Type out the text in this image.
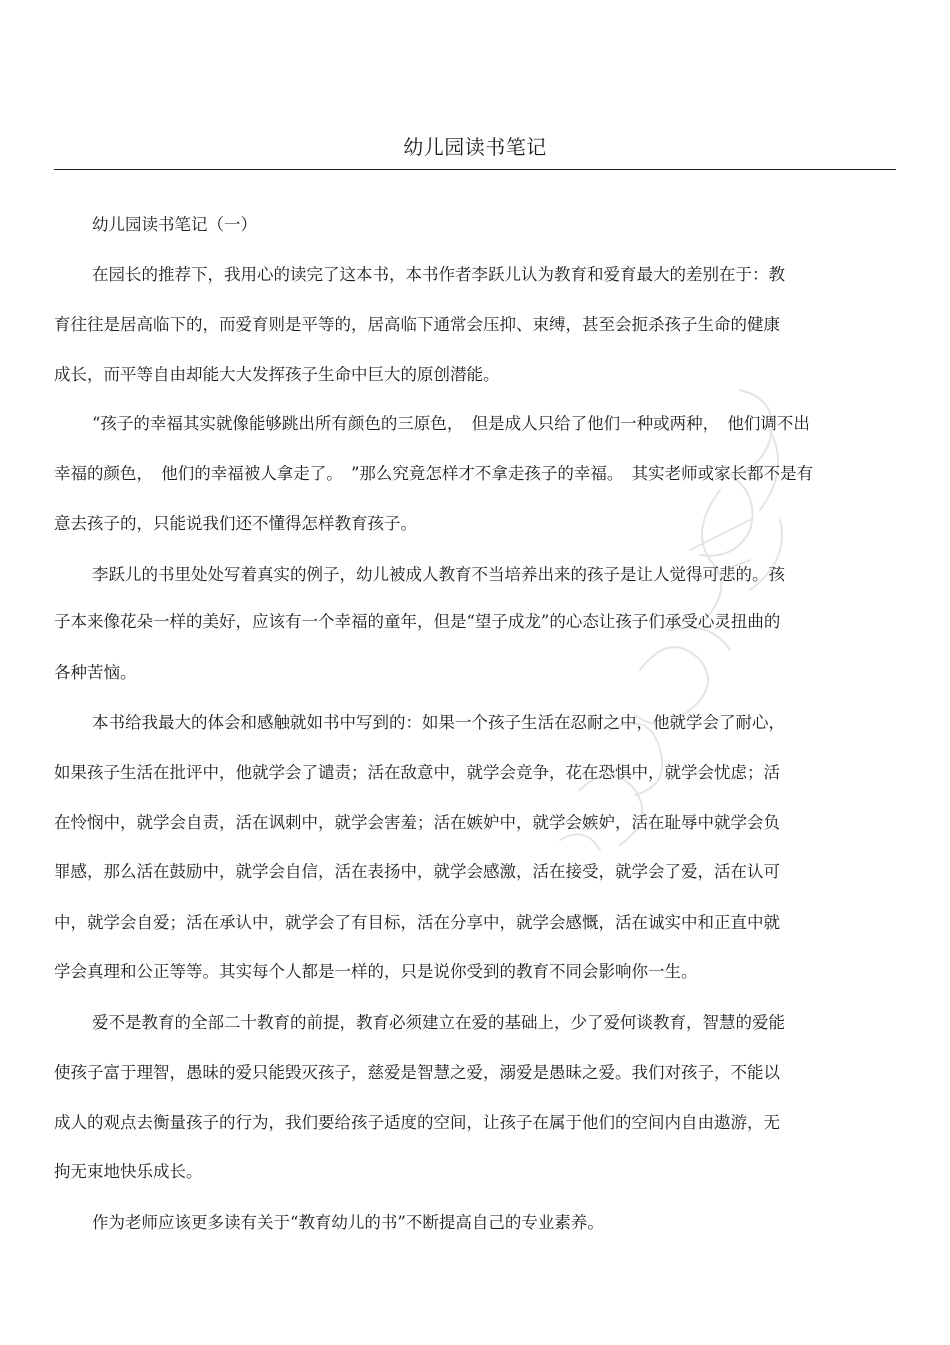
幼儿园读书笔记
幼儿园读书笔记（一）
在园长的推荐下，我用心的读完了这本书，本书作者李跃儿认为教育和爱育最大的差别在于：教
育往往是居高临下的，而爱育则是平等的，居高临下通常会压抑、束缚，甚至会扼杀孩子生命的健康
成长，而平等自由却能大大发挥孩子生命中巨大的原创潜能。
“孩子的幸福其实就像能够跳出所有颜色的三原色，　但是成人只给了他们一种或两种，　他们调不出
幸福的颜色，　他们的幸福被人拿走了。　”那么究竟怎样才不拿走孩子的幸福。　其实老师或家长都不是有
意去孩子的，只能说我们还不懂得怎样教育孩子。
李跃儿的书里处处写着真实的例子，幼儿被成人教育不当培养出来的孩子是让人觉得可悲的。孩
子本来像花朵一样的美好，应该有一个幸福的童年，但是“望子成龙”的心态让孩子们承受心灵扭曲的
各种苦恼。
本书给我最大的体会和感触就如书中写到的：如果一个孩子生活在忍耐之中，他就学会了耐心，
如果孩子生活在批评中，他就学会了谴责；活在敌意中，就学会竞争，花在恐惧中，就学会忧虑；活
在怜悯中，就学会自责，活在讽刺中，就学会害羞；活在嫉妒中，就学会嫉妒，活在耻辱中就学会负
罪感，那么活在鼓励中，就学会自信，活在表扬中，就学会感激，活在接受，就学会了爱，活在认可
中，就学会自爱；活在承认中，就学会了有目标，活在分享中，就学会感慨，活在诚实中和正直中就
学会真理和公正等等。其实每个人都是一样的，只是说你受到的教育不同会影响你一生。
爱不是教育的全部二十教育的前提，教育必须建立在爱的基础上，少了爱何谈教育，智慧的爱能
使孩子富于理智，愚昧的爱只能毁灭孩子，慈爱是智慧之爱，溺爱是愚昧之爱。我们对孩子，不能以
成人的观点去衡量孩子的行为，我们要给孩子适度的空间，让孩子在属于他们的空间内自由遨游，无
拘无束地快乐成长。
作为老师应该更多读有关于“教育幼儿的书”不断提高自己的专业素养。
